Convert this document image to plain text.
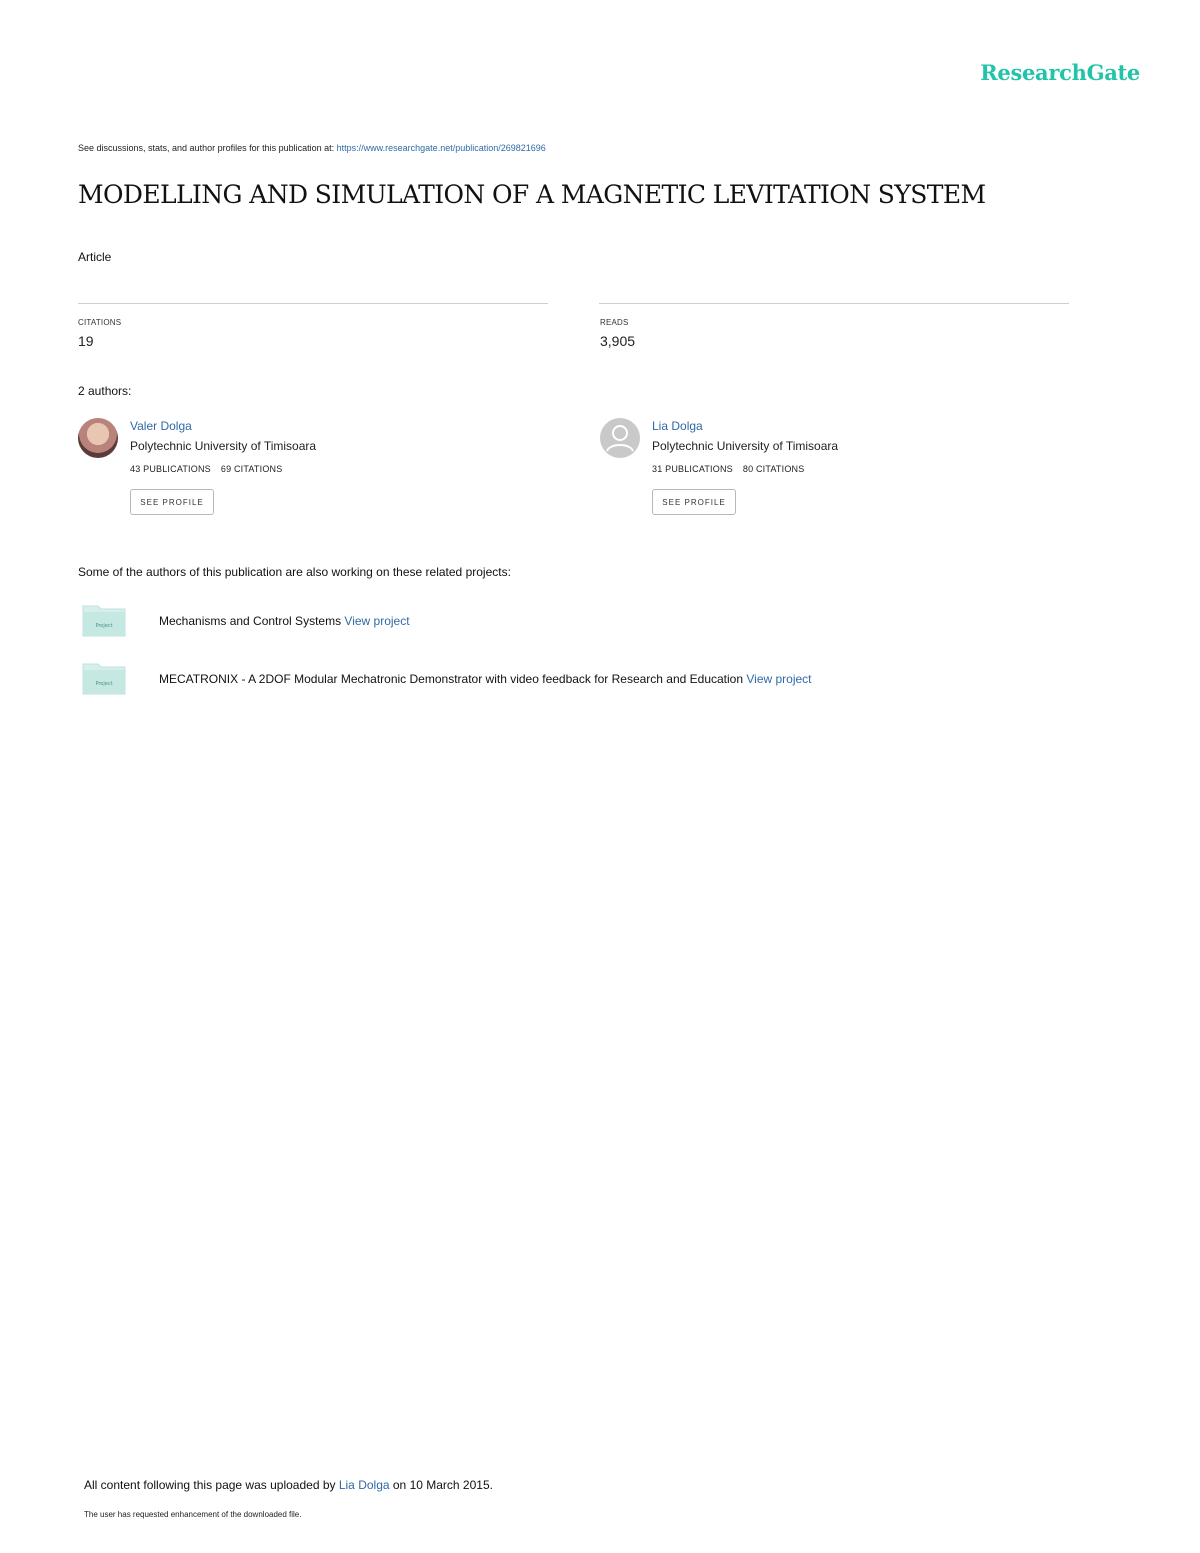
ResearchGate
See discussions, stats, and author profiles for this publication at: https://www.researchgate.net/publication/269821696
MODELLING AND SIMULATION OF A MAGNETIC LEVITATION SYSTEM
Article
CITATIONS
19
READS
3,905
2 authors:
Valer Dolga
Polytechnic University of Timisoara
43 PUBLICATIONS 69 CITATIONS
SEE PROFILE
Lia Dolga
Polytechnic University of Timisoara
31 PUBLICATIONS 80 CITATIONS
SEE PROFILE
Some of the authors of this publication are also working on these related projects:
Project	Mechanisms and Control Systems View project
Project	MECATRONIX - A 2DOF Modular Mechatronic Demonstrator with video feedback for Research and Education View project
All content following this page was uploaded by Lia Dolga on 10 March 2015.
The user has requested enhancement of the downloaded file.
